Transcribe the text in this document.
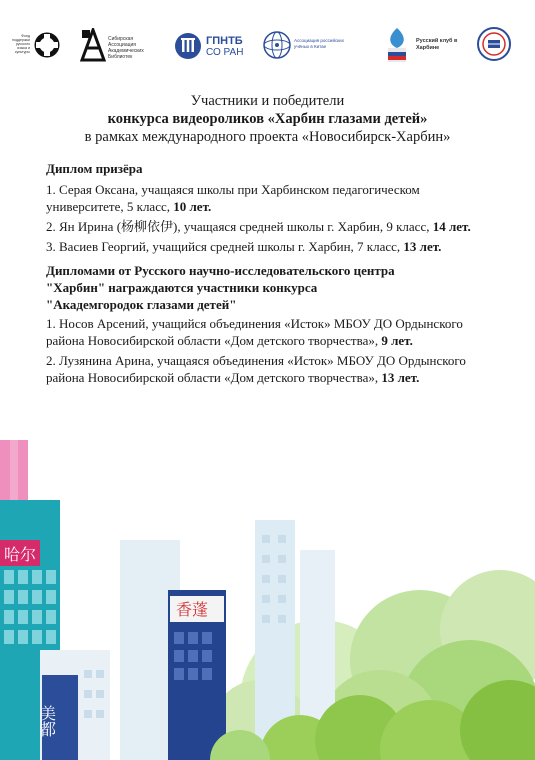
Фонд поддержки русского языка и культуры
Сибирская Ассоциация Академических Библиотек
ГПНТБ
СО РАН
Ассоциация российских учёных в Китае
Русский клуб в Харбине
Участники и победители
конкурса видеороликов «Харбин глазами детей»
в рамках международного проекта «Новосибирск-Харбин»
Диплом призёра
1. Серая Оксана, учащаяся школы при Харбинском педагогическом университете, 5 класс, 10 лет.
2. Ян Ирина (杨柳依伊), учащаяся средней школы г. Харбин, 9 класс, 14 лет.
3. Васиев Георгий, учащийся средней школы г. Харбин, 7 класс, 13 лет.
Дипломами от Русского научно-исследовательского центра
"Харбин" награждаются участники конкурса
"Академгородок глазами детей"
1. Носов Арсений, учащийся объединения «Исток» МБОУ ДО Ордынского района Новосибирской области «Дом детского творчества», 9 лет.
2. Лузянина Арина, учащаяся объединения «Исток» МБОУ ДО Ордынского района Новосибирской области «Дом детского творчества», 13 лет.
哈尔
美都
香蓬
